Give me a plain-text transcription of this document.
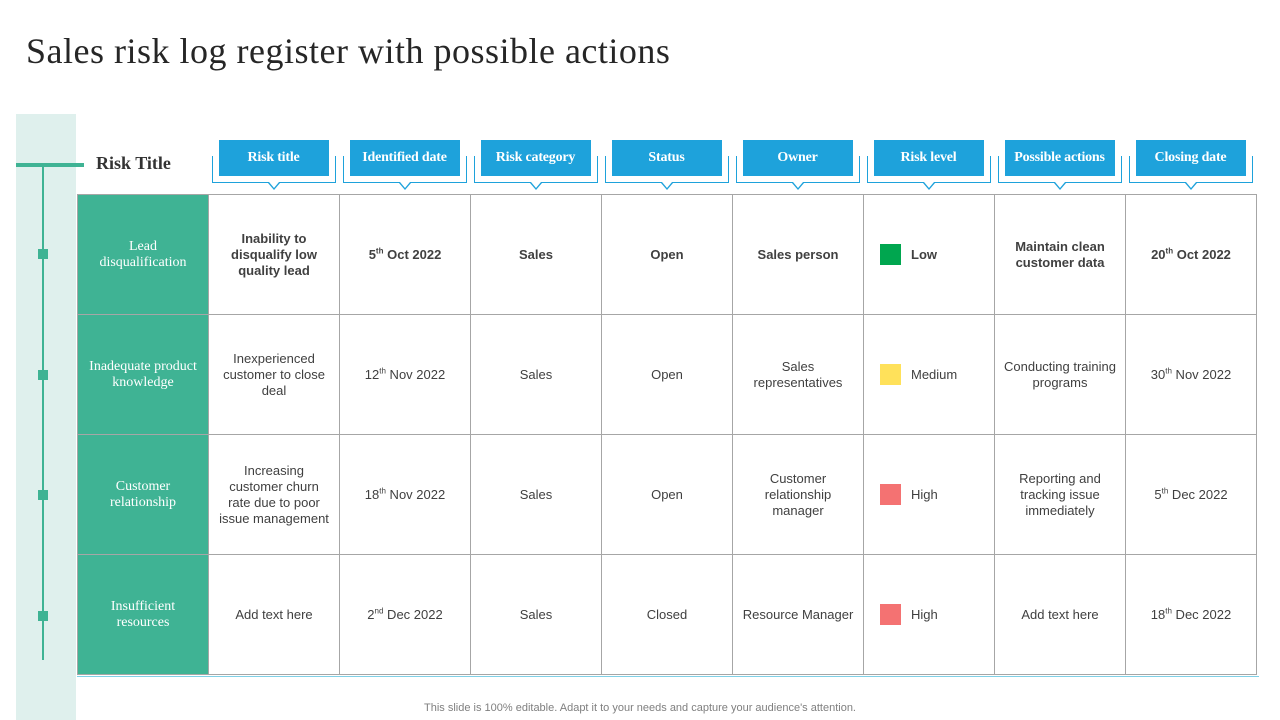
Sales risk log register with possible actions
Risk Title	Risk title	Identified date	Risk category	Status	Owner	Risk level	Possible actions	Closing date
Lead disqualification	Inability to disqualify low quality lead	5th Oct 2022	Sales	Open	Sales person	Low	Maintain clean customer data	20th Oct 2022
Inadequate product knowledge	Inexperienced customer to close deal	12th Nov 2022	Sales	Open	Sales representatives	Medium	Conducting training programs	30th Nov 2022
Customer relationship	Increasing customer churn rate due to poor issue management	18th Nov 2022	Sales	Open	Customer relationship manager	High	Reporting and tracking issue immediately	5th Dec 2022
Insufficient resources	Add text here	2nd Dec 2022	Sales	Closed	Resource Manager	High	Add text here	18th Dec 2022
This slide is 100% editable. Adapt it to your needs and capture your audience's attention.
